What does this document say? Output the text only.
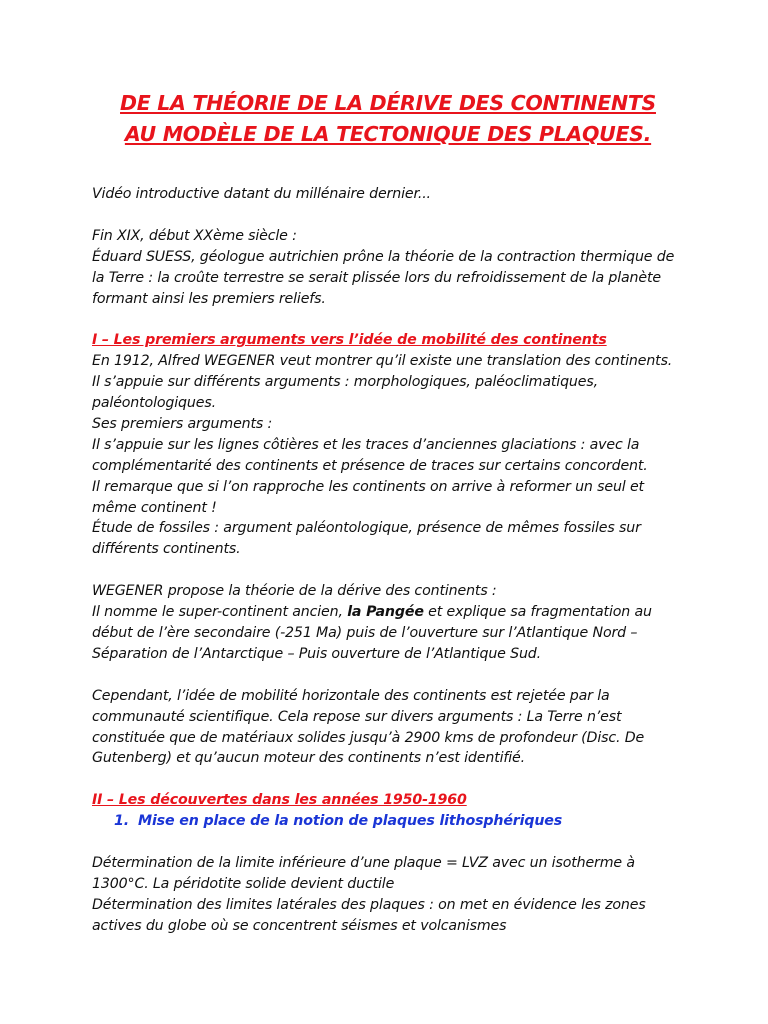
DE LA THÉORIE DE LA DÉRIVE DES CONTINENTS
AU MODÈLE DE LA TECTONIQUE DES PLAQUES.

Vidéo introductive datant du millénaire dernier...

Fin XIX, début XXème siècle :

Éduard SUESS, géologue autrichien prône la théorie de la contraction thermique de la Terre : la croûte terrestre se serait plissée lors du refroidissement de la planète formant ainsi les premiers reliefs.

I – Les premiers arguments vers l’idée de mobilité des continents

En 1912, Alfred WEGENER veut montrer qu’il existe une translation des continents. Il s’appuie sur différents arguments : morphologiques, paléoclimatiques, paléontologiques.

Ses premiers arguments :

Il s’appuie sur les lignes côtières et les traces d’anciennes glaciations : avec la complémentarité des continents et présence de traces sur certains concordent.

Il remarque que si l’on rapproche les continents on arrive à reformer un seul et même continent !

Étude de fossiles : argument paléontologique, présence de mêmes fossiles sur différents continents.

WEGENER propose la théorie de la dérive des continents :

Il nomme le super-continent ancien, la Pangée et explique sa fragmentation au début de l’ère secondaire (-251 Ma) puis de l’ouverture sur l’Atlantique Nord – Séparation de l’Antarctique – Puis ouverture de l’Atlantique Sud.

Cependant, l’idée de mobilité horizontale des continents est rejetée par la communauté scientifique. Cela repose sur divers arguments : La Terre n’est constituée que de matériaux solides jusqu’à 2900 kms de profondeur (Disc. De Gutenberg) et qu’aucun moteur des continents n’est identifié.

II – Les découvertes dans les années 1950-1960

1. Mise en place de la notion de plaques lithosphériques

Détermination de la limite inférieure d’une plaque = LVZ avec un isotherme à 1300°C. La péridotite solide devient ductile

Détermination des limites latérales des plaques : on met en évidence les zones actives du globe où se concentrent séismes et volcanismes
